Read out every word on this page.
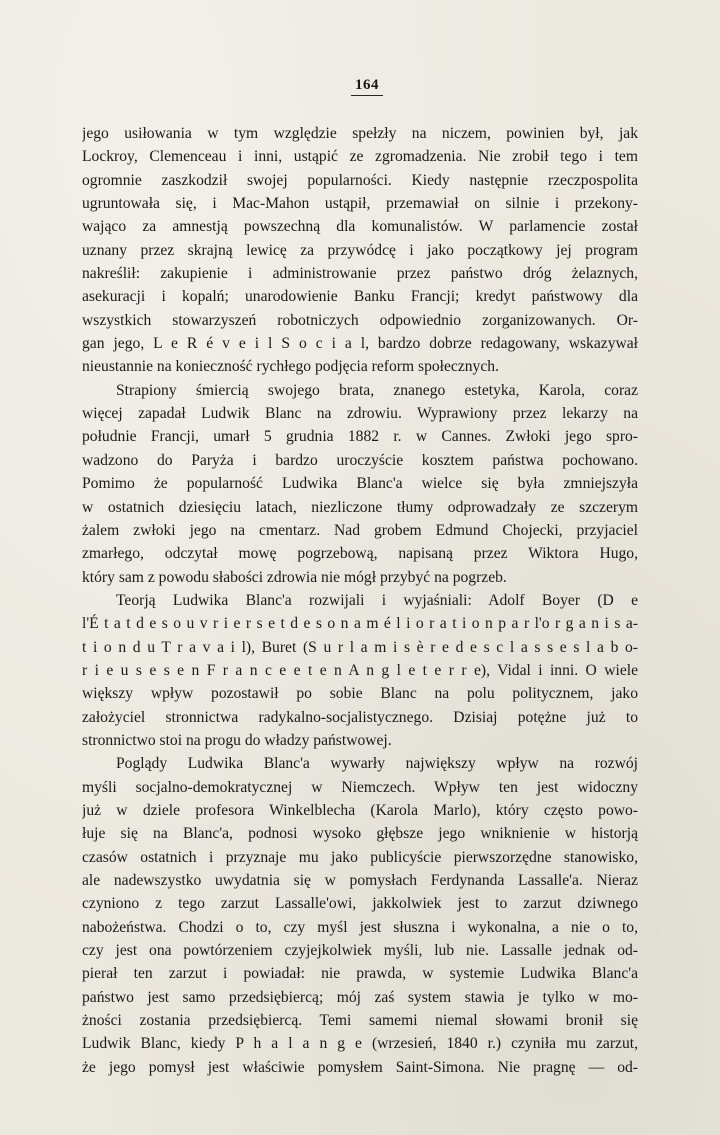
164
jego usiłowania w tym względzie spełzły na niczem, powinien był, jak
Lockroy, Clemenceau i inni, ustąpić ze zgromadzenia. Nie zrobił tego i tem
ogromnie zaszkodził swojej popularności. Kiedy następnie rzeczpospolita
ugruntowała się, i Mac-Mahon ustąpił, przemawiał on silnie i przekony-
wająco za amnestją powszechną dla komunalistów. W parlamencie został
uznany przez skrajną lewicę za przywódcę i jako początkowy jej program
nakreślił: zakupienie i administrowanie przez państwo dróg żelaznych,
asekuracji i kopalń; unarodowienie Banku Francji; kredyt państwowy dla
wszystkich stowarzyszeń robotniczych odpowiednio zorganizowanych. Or-
gan jego, L e R é v e i l S o c i a l, bardzo dobrze redagowany, wskazywał
nieustannie na konieczność rychłego podjęcia reform społecznych.
Strapiony śmiercią swojego brata, znanego estetyka, Karola, coraz
więcej zapadał Ludwik Blanc na zdrowiu. Wyprawiony przez lekarzy na
południe Francji, umarł 5 grudnia 1882 r. w Cannes. Zwłoki jego spro-
wadzono do Paryża i bardzo uroczyście kosztem państwa pochowano.
Pomimo że popularność Ludwika Blanc'a wielce się była zmniejszyła
w ostatnich dziesięciu latach, niezliczone tłumy odprowadzały ze szczerym
żalem zwłoki jego na cmentarz. Nad grobem Edmund Chojecki, przyjaciel
zmarłego, odczytał mowę pogrzebową, napisaną przez Wiktora Hugo,
który sam z powodu słabości zdrowia nie mógł przybyć na pogrzeb.
Teorją Ludwika Blanc'a rozwijali i wyjaśniali: Adolf Boyer (D e
l'É t a t d e s o u v r i e r s e t d e s o n a m é l i o r a t i o n p a r l'o r g a n i s a-
t i o n d u T r a v a i l), Buret (S u r l a m i s è r e d e s c l a s s e s l a b o-
r i e u s e s e n F r a n c e e t e n A n g l e t e r r e), Vidal i inni. O wiele
większy wpływ pozostawił po sobie Blanc na polu politycznem, jako
założyciel stronnictwa radykalno-socjalistycznego. Dzisiaj potężne już to
stronnictwo stoi na progu do władzy państwowej.
Poglądy Ludwika Blanc'a wywarły największy wpływ na rozwój
myśli socjalno-demokratycznej w Niemczech. Wpływ ten jest widoczny
już w dziele profesora Winkelblecha (Karola Marlo), który często powo-
łuje się na Blanc'a, podnosi wysoko głębsze jego wniknienie w historją
czasów ostatnich i przyznaje mu jako publicyście pierwszorzędne stanowisko,
ale nadewszystko uwydatnia się w pomysłach Ferdynanda Lassalle'a. Nieraz
czyniono z tego zarzut Lassalle'owi, jakkolwiek jest to zarzut dziwnego
nabożeństwa. Chodzi o to, czy myśl jest słuszna i wykonalna, a nie o to,
czy jest ona powtórzeniem czyjejkolwiek myśli, lub nie. Lassalle jednak od-
pierał ten zarzut i powiadał: nie prawda, w systemie Ludwika Blanc'a
państwo jest samo przedsiębiercą; mój zaś system stawia je tylko w mo-
żności zostania przedsiębiercą. Temi samemi niemal słowami bronił się
Ludwik Blanc, kiedy P h a l a n g e (wrzesień, 1840 r.) czyniła mu zarzut,
że jego pomysł jest właściwie pomysłem Saint-Simona. Nie pragnę — od-
